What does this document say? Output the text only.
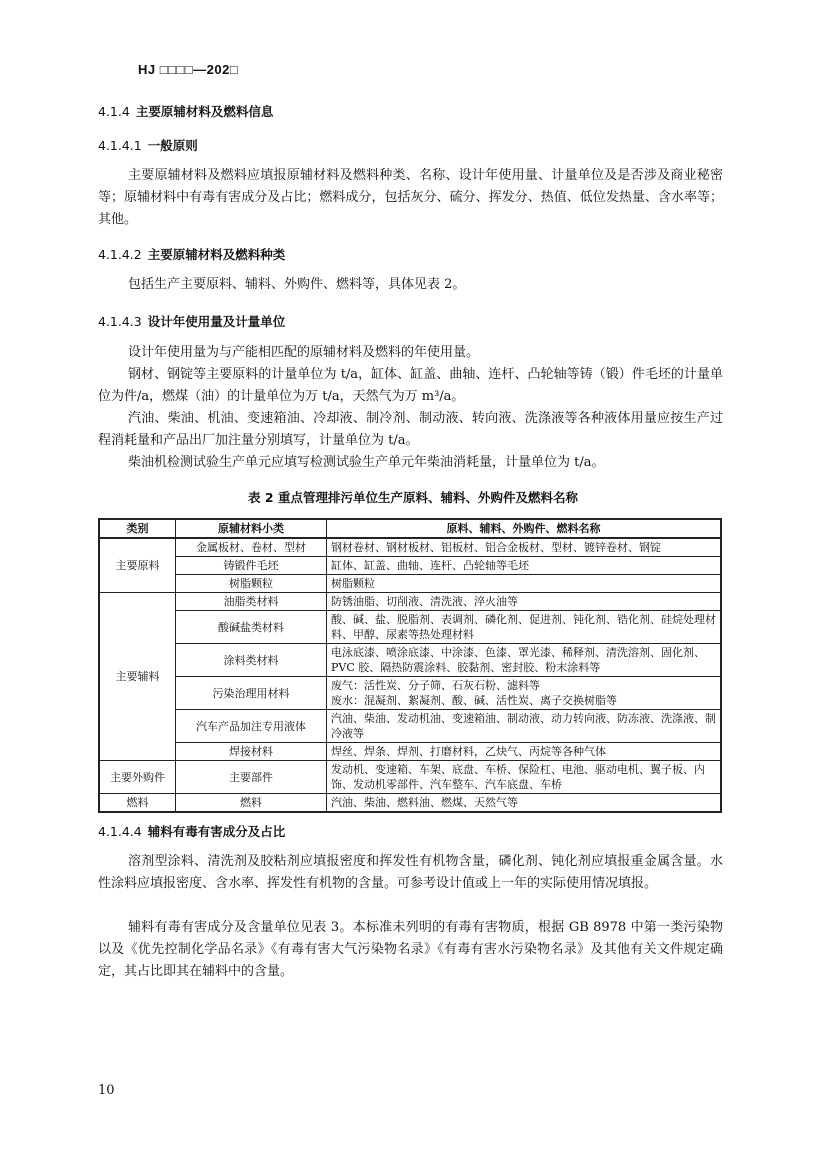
HJ □□□□—202□
4.1.4 主要原辅材料及燃料信息
4.1.4.1 一般原则
主要原辅材料及燃料应填报原辅材料及燃料种类、名称、设计年使用量、计量单位及是否涉及商业秘密等；原辅材料中有毒有害成分及占比；燃料成分，包括灰分、硫分、挥发分、热值、低位发热量、含水率等；其他。
4.1.4.2 主要原辅材料及燃料种类
包括生产主要原料、辅料、外购件、燃料等，具体见表 2。
4.1.4.3 设计年使用量及计量单位
设计年使用量为与产能相匹配的原辅材料及燃料的年使用量。
钢材、钢锭等主要原料的计量单位为 t/a，缸体、缸盖、曲轴、连杆、凸轮轴等铸（锻）件毛坯的计量单位为件/a，燃煤（油）的计量单位为万 t/a，天然气为万 m³/a。
汽油、柴油、机油、变速箱油、冷却液、制冷剂、制动液、转向液、洗涤液等各种液体用量应按生产过程消耗量和产品出厂加注量分别填写，计量单位为 t/a。
柴油机检测试验生产单元应填写检测试验生产单元年柴油消耗量，计量单位为 t/a。
表 2 重点管理排污单位生产原料、辅料、外购件及燃料名称
类别	原辅材料小类	原料、辅料、外购件、燃料名称
主要原料	金属板材、卷材、型材	钢材卷材、钢材板材、铝板材、铝合金板材、型材、镀锌卷材、钢锭
	铸锻件毛坯	缸体、缸盖、曲轴、连杆、凸轮轴等毛坯
	树脂颗粒	树脂颗粒
主要辅料	油脂类材料	防锈油脂、切削液、清洗液、淬火油等
	酸碱盐类材料	酸、碱、盐、脱脂剂、表调剂、磷化剂、促进剂、钝化剂、锆化剂、硅烷处理材料、甲醇、尿素等热处理材料
	涂料类材料	电泳底漆、喷涂底漆、中涂漆、色漆、罩光漆、稀释剂、清洗溶剂、固化剂、PVC 胶、隔热防震涂料、胶黏剂、密封胶、粉末涂料等
	污染治理用材料	废气：活性炭、分子筛、石灰石粉、滤料等
废水：混凝剂、絮凝剂、酸、碱、活性炭、离子交换树脂等

	汽车产品加注专用液体	汽油、柴油、发动机油、变速箱油、制动液、动力转向液、防冻液、洗涤液、制冷液等
	焊接材料	焊丝、焊条、焊剂、打磨材料，乙炔气、丙烷等各种气体
主要外购件	主要部件	发动机、变速箱、车架、底盘、车桥、保险杠、电池、驱动电机、翼子板、内饰、发动机零部件、汽车整车、汽车底盘、车桥
燃料	燃料	汽油、柴油、燃料油、燃煤、天然气等
4.1.4.4 辅料有毒有害成分及占比
溶剂型涂料、清洗剂及胶粘剂应填报密度和挥发性有机物含量，磷化剂、钝化剂应填报重金属含量。水性涂料应填报密度、含水率、挥发性有机物的含量。可参考设计值或上一年的实际使用情况填报。
辅料有毒有害成分及含量单位见表 3。本标准未列明的有毒有害物质，根据 GB 8978 中第一类污染物以及《优先控制化学品名录》《有毒有害大气污染物名录》《有毒有害水污染物名录》及其他有关文件规定确定，其占比即其在辅料中的含量。
10
